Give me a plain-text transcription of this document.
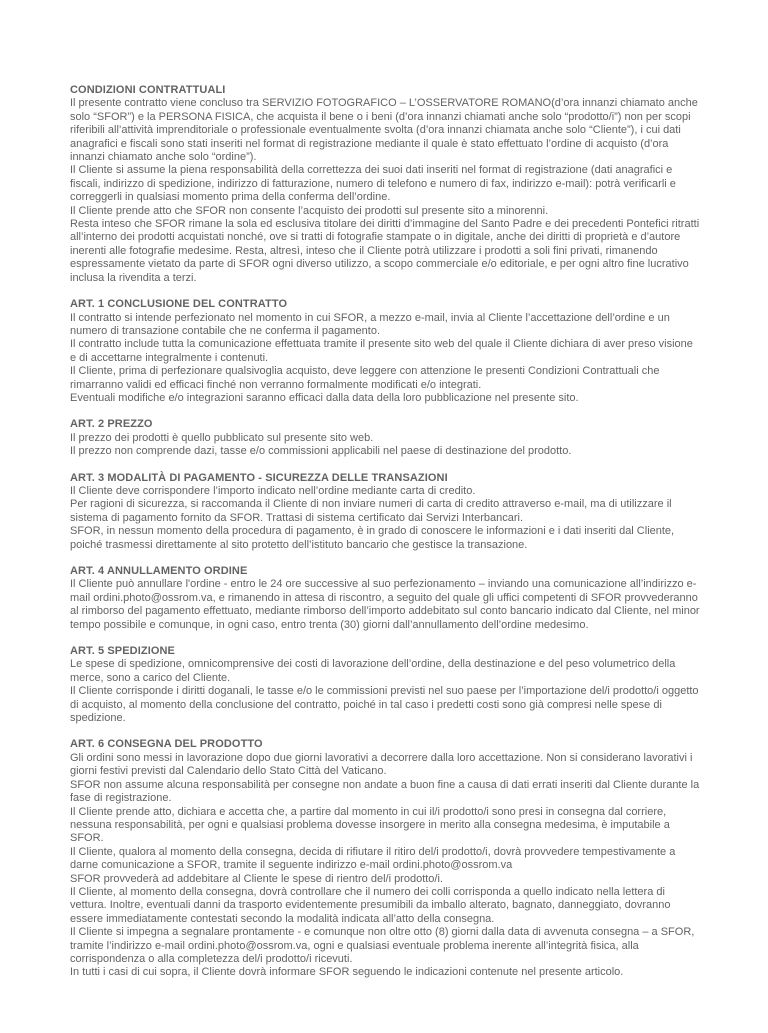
CONDIZIONI CONTRATTUALI

Il presente contratto viene concluso tra SERVIZIO FOTOGRAFICO – L’OSSERVATORE ROMANO(d’ora innanzi chiamato anche solo “SFOR”) e la PERSONA FISICA, che acquista il bene o i beni (d’ora innanzi chiamati anche solo “prodotto/i”) non per scopi riferibili all’attività imprenditoriale o professionale eventualmente svolta (d’ora innanzi chiamata anche solo “Cliente”), i cui dati anagrafici e fiscali sono stati inseriti nel format di registrazione mediante il quale è stato effettuato l’ordine di acquisto (d’ora innanzi chiamato anche solo “ordine”).

Il Cliente si assume la piena responsabilità della correttezza dei suoi dati inseriti nel format di registrazione (dati anagrafici e fiscali, indirizzo di spedizione, indirizzo di fatturazione, numero di telefono e numero di fax, indirizzo e-mail): potrà verificarli e correggerli in qualsiasi momento prima della conferma dell’ordine.

Il Cliente prende atto che SFOR non consente l’acquisto dei prodotti sul presente sito a minorenni.

Resta inteso che SFOR rimane la sola ed esclusiva titolare dei diritti d’immagine del Santo Padre e dei precedenti Pontefici ritratti all’interno dei prodotti acquistati nonché, ove si tratti di fotografie stampate o in digitale, anche dei diritti di proprietà e d’autore inerenti alle fotografie medesime. Resta, altresì, inteso che il Cliente potrà utilizzare i prodotti a soli fini privati, rimanendo espressamente vietato da parte di SFOR ogni diverso utilizzo, a scopo commerciale e/o editoriale, e per ogni altro fine lucrativo inclusa la rivendita a terzi.

ART. 1 CONCLUSIONE DEL CONTRATTO

Il contratto si intende perfezionato nel momento in cui SFOR, a mezzo e-mail, invia al Cliente l’accettazione dell’ordine e un numero di transazione contabile che ne conferma il pagamento.

Il contratto include tutta la comunicazione effettuata tramite il presente sito web del quale il Cliente dichiara di aver preso visione e di accettarne integralmente i contenuti.

Il Cliente, prima di perfezionare qualsivoglia acquisto, deve leggere con attenzione le presenti Condizioni Contrattuali che rimarranno validi ed efficaci finché non verranno formalmente modificati e/o integrati.

Eventuali modifiche e/o integrazioni saranno efficaci dalla data della loro pubblicazione nel presente sito.

ART. 2 PREZZO

Il prezzo dei prodotti è quello pubblicato sul presente sito web.

Il prezzo non comprende dazi, tasse e/o commissioni applicabili nel paese di destinazione del prodotto.

ART. 3 MODALITÀ DI PAGAMENTO - SICUREZZA DELLE TRANSAZIONI

Il Cliente deve corrispondere l’importo indicato nell’ordine mediante carta di credito.

Per ragioni di sicurezza, si raccomanda il Cliente di non inviare numeri di carta di credito attraverso e-mail, ma di utilizzare il sistema di pagamento fornito da SFOR. Trattasi di sistema certificato dai Servizi Interbancari.

SFOR, in nessun momento della procedura di pagamento, è in grado di conoscere le informazioni e i dati inseriti dal Cliente, poiché trasmessi direttamente al sito protetto dell’istituto bancario che gestisce la transazione.

ART. 4 ANNULLAMENTO ORDINE

Il Cliente può annullare l'ordine - entro le 24 ore successive al suo perfezionamento – inviando una comunicazione all’indirizzo e-mail ordini.photo@ossrom.va, e rimanendo in attesa di riscontro, a seguito del quale gli uffici competenti di SFOR provvederanno al rimborso del pagamento effettuato, mediante rimborso dell’importo addebitato sul conto bancario indicato dal Cliente, nel minor tempo possibile e comunque, in ogni caso, entro trenta (30) giorni dall’annullamento dell’ordine medesimo.

ART. 5 SPEDIZIONE

Le spese di spedizione, omnicomprensive dei costi di lavorazione dell’ordine, della destinazione e del peso volumetrico della merce, sono a carico del Cliente.

Il Cliente corrisponde i diritti doganali, le tasse e/o le commissioni previsti nel suo paese per l’importazione del/i prodotto/i oggetto di acquisto, al momento della conclusione del contratto, poiché in tal caso i predetti costi sono già compresi nelle spese di spedizione.

ART. 6 CONSEGNA DEL PRODOTTO

Gli ordini sono messi in lavorazione dopo due giorni lavorativi a decorrere dalla loro accettazione. Non si considerano lavorativi i giorni festivi previsti dal Calendario dello Stato Città del Vaticano.

SFOR non assume alcuna responsabilità per consegne non andate a buon fine a causa di dati errati inseriti dal Cliente durante la fase di registrazione.

Il Cliente prende atto, dichiara e accetta che, a partire dal momento in cui il/i prodotto/i sono presi in consegna dal corriere, nessuna responsabilità, per ogni e qualsiasi problema dovesse insorgere in merito alla consegna medesima, è imputabile a SFOR.

Il Cliente, qualora al momento della consegna, decida di rifiutare il ritiro del/i prodotto/i, dovrà provvedere tempestivamente a darne comunicazione a SFOR, tramite il seguente indirizzo e-mail ordini.photo@ossrom.va

SFOR provvederà ad addebitare al Cliente le spese di rientro del/i prodotto/i.

Il Cliente, al momento della consegna, dovrà controllare che il numero dei colli corrisponda a quello indicato nella lettera di vettura. Inoltre, eventuali danni da trasporto evidentemente presumibili da imballo alterato, bagnato, danneggiato, dovranno essere immediatamente contestati secondo la modalità indicata all’atto della consegna.

Il Cliente si impegna a segnalare prontamente - e comunque non oltre otto (8) giorni dalla data di avvenuta consegna – a SFOR, tramite l’indirizzo e-mail ordini.photo@ossrom.va, ogni e qualsiasi eventuale problema inerente all’integrità fisica, alla corrispondenza o alla completezza del/i prodotto/i ricevuti.

In tutti i casi di cui sopra, il Cliente dovrà informare SFOR seguendo le indicazioni contenute nel presente articolo.
